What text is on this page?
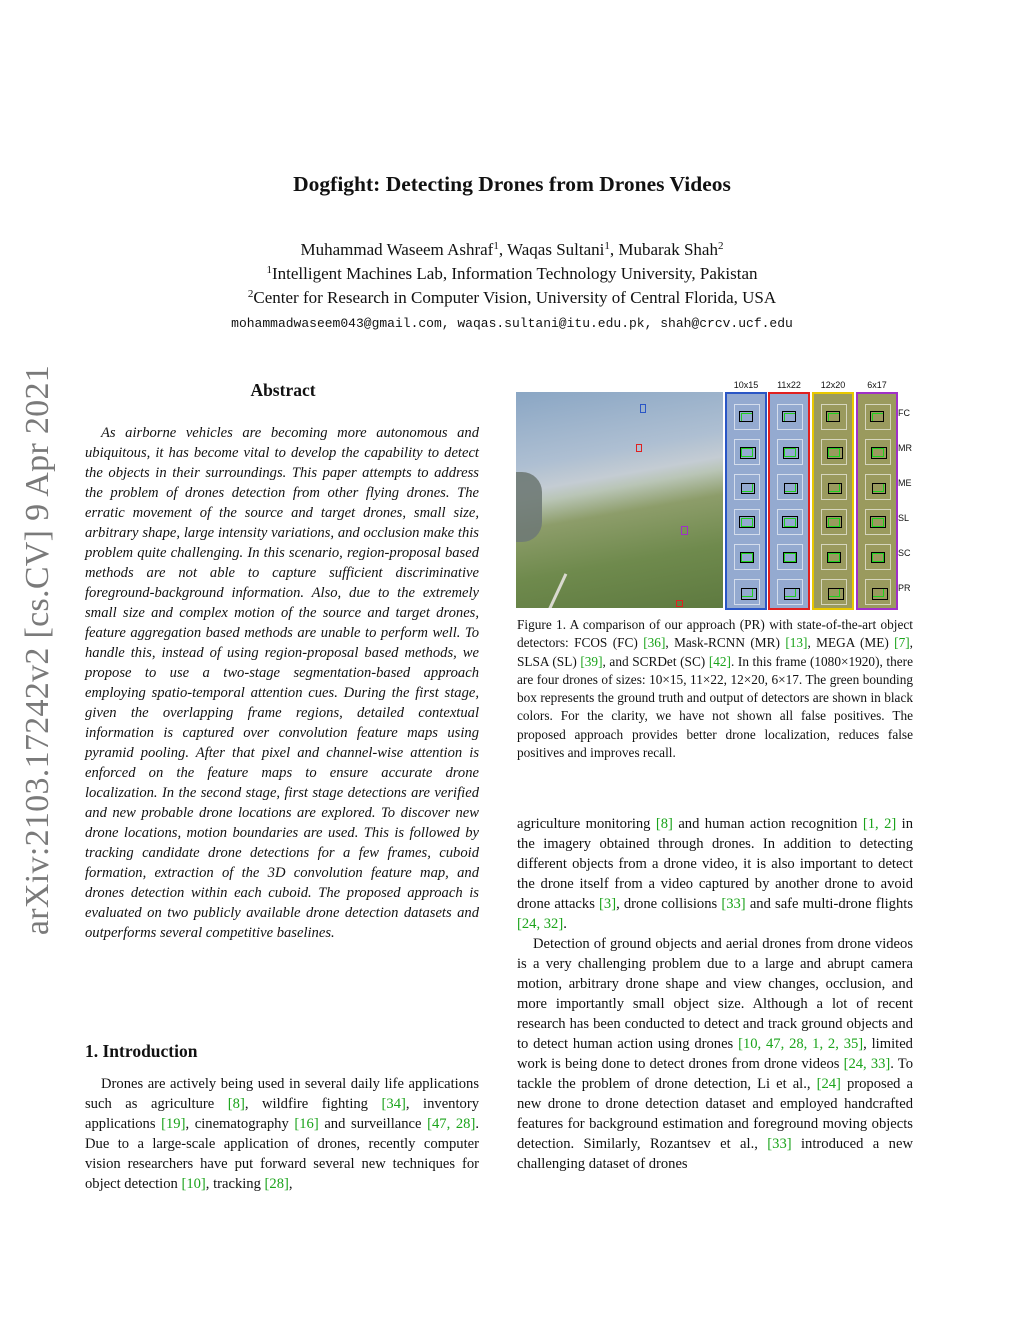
arXiv:2103.17242v2 [cs.CV] 9 Apr 2021
Dogfight: Detecting Drones from Drones Videos
Muhammad Waseem Ashraf$^1$, Waqas Sultani$^1$, Mubarak Shah$^2$
$^1$Intelligent Machines Lab, Information Technology University, Pakistan
$^2$Center for Research in Computer Vision, University of Central Florida, USA
mohammadwaseem043@gmail.com, waqas.sultani@itu.edu.pk, shah@crcv.ucf.edu
Abstract
As airborne vehicles are becoming more autonomous and ubiquitous, it has become vital to develop the capability to detect the objects in their surroundings. This paper attempts to address the problem of drones detection from other flying drones. The erratic movement of the source and target drones, small size, arbitrary shape, large intensity variations, and occlusion make this problem quite challenging. In this scenario, region-proposal based methods are not able to capture sufficient discriminative foreground-background information. Also, due to the extremely small size and complex motion of the source and target drones, feature aggregation based methods are unable to perform well. To handle this, instead of using region-proposal based methods, we propose to use a two-stage segmentation-based approach employing spatio-temporal attention cues. During the first stage, given the overlapping frame regions, detailed contextual information is captured over convolution feature maps using pyramid pooling. After that pixel and channel-wise attention is enforced on the feature maps to ensure accurate drone localization. In the second stage, first stage detections are verified and new probable drone locations are explored. To discover new drone locations, motion boundaries are used. This is followed by tracking candidate drone detections for a few frames, cuboid formation, extraction of the 3D convolution feature map, and drones detection within each cuboid. The proposed approach is evaluated on two publicly available drone detection datasets and outperforms several competitive baselines.
1. Introduction
Drones are actively being used in several daily life applications such as agriculture [8], wildfire fighting [34], inventory applications [19], cinematography [16] and surveillance [47, 28]. Due to a large-scale application of drones, recently computer vision researchers have put forward several new techniques for object detection [10], tracking [28],
10x15	11x22	12x20	6x17
FC
MR
ME
SL
SC
PR
Figure 1. A comparison of our approach (PR) with state-of-the-art object detectors: FCOS (FC) [36], Mask-RCNN (MR) [13], MEGA (ME) [7], SLSA (SL) [39], and SCRDet (SC) [42]. In this frame (1080×1920), there are four drones of sizes: 10×15, 11×22, 12×20, 6×17. The green bounding box represents the ground truth and output of detectors are shown in black colors. For the clarity, we have not shown all false positives. The proposed approach provides better drone localization, reduces false positives and improves recall.
agriculture monitoring [8] and human action recognition [1, 2] in the imagery obtained through drones. In addition to detecting different objects from a drone video, it is also important to detect the drone itself from a video captured by another drone to avoid drone attacks [3], drone collisions [33] and safe multi-drone flights [24, 32].
Detection of ground objects and aerial drones from drone videos is a very challenging problem due to a large and abrupt camera motion, arbitrary drone shape and view changes, occlusion, and more importantly small object size. Although a lot of recent research has been conducted to detect and track ground objects and to detect human action using drones [10, 47, 28, 1, 2, 35], limited work is being done to detect drones from drone videos [24, 33]. To tackle the problem of drone detection, Li et al., [24] proposed a new drone to drone detection dataset and employed handcrafted features for background estimation and foreground moving objects detection. Similarly, Rozantsev et al., [33] introduced a new challenging dataset of drones
